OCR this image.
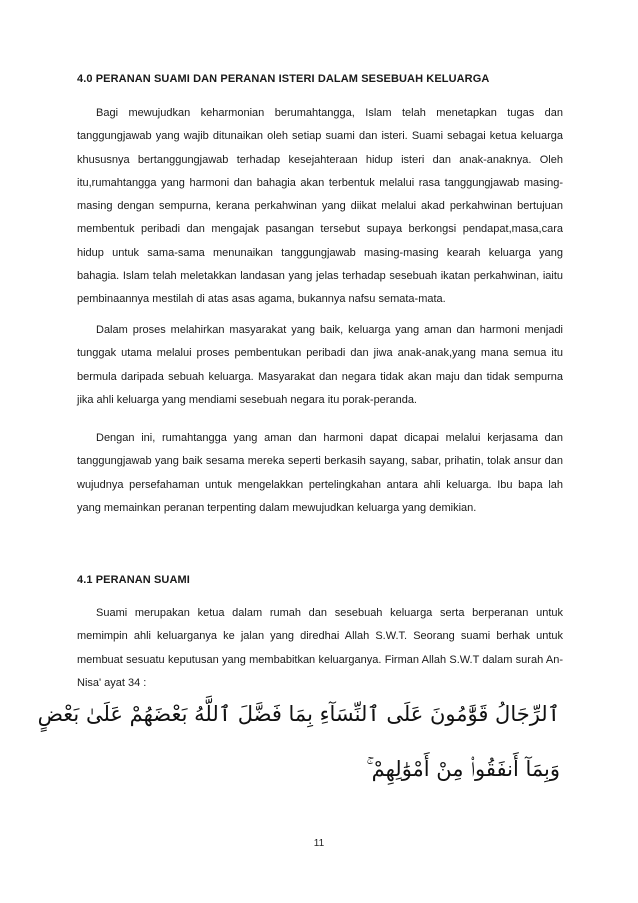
4.0 PERANAN SUAMI DAN PERANAN ISTERI DALAM SESEBUAH KELUARGA

Bagi mewujudkan keharmonian berumahtangga, Islam telah menetapkan tugas dan tanggungjawab yang wajib ditunaikan oleh setiap suami dan isteri. Suami sebagai ketua keluarga khususnya bertanggungjawab terhadap kesejahteraan hidup isteri dan anak-anaknya. Oleh itu,rumahtangga yang harmoni dan bahagia akan terbentuk melalui rasa tanggungjawab masing-masing dengan sempurna, kerana perkahwinan yang diikat melalui akad perkahwinan bertujuan membentuk peribadi dan mengajak pasangan tersebut supaya berkongsi pendapat,masa,cara hidup untuk sama-sama menunaikan tanggungjawab masing-masing kearah keluarga yang bahagia. Islam telah meletakkan landasan yang jelas terhadap sesebuah ikatan perkahwinan, iaitu pembinaannya mestilah di atas asas agama, bukannya nafsu semata-mata.

Dalam proses melahirkan masyarakat yang baik, keluarga yang aman dan harmoni menjadi tunggak utama melalui proses pembentukan peribadi dan jiwa anak-anak,yang mana semua itu bermula daripada sebuah keluarga. Masyarakat dan negara tidak akan maju dan tidak sempurna jika ahli keluarga yang mendiami sesebuah negara itu porak-peranda.

Dengan ini, rumahtangga yang aman dan harmoni dapat dicapai melalui kerjasama dan tanggungjawab yang baik sesama mereka seperti berkasih sayang, sabar, prihatin, tolak ansur dan wujudnya persefahaman untuk mengelakkan pertelingkahan antara ahli keluarga. Ibu bapa lah yang memainkan peranan terpenting dalam mewujudkan keluarga yang demikian.

4.1 PERANAN SUAMI

Suami merupakan ketua dalam rumah dan sesebuah keluarga serta berperanan untuk memimpin ahli keluarganya ke jalan yang diredhai Allah S.W.T. Seorang suami berhak untuk membuat sesuatu keputusan yang membabitkan keluarganya. Firman Allah S.W.T dalam surah An-Nisa' ayat 34 :

ٱلرِّجَالُ قَوَّٰمُونَ عَلَى ٱلنِّسَآءِ بِمَا فَضَّلَ ٱللَّهُ بَعْضَهُمْ عَلَىٰ بَعْضٍ
وَبِمَآ أَنفَقُوا۟ مِنْ أَمْوَٰلِهِمْ ۚ
11
